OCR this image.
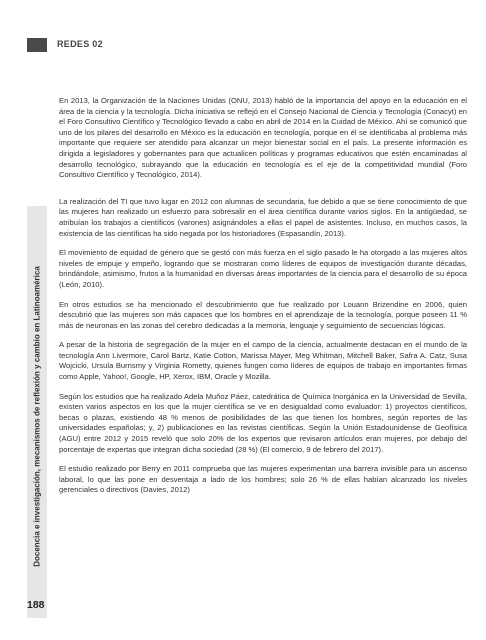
REDES 02
Docencia e investigación, mecanismos de reflexión y cambio en Latinoamérica
188

En 2013, la Organización de la Naciones Unidas (ONU, 2013) habló de la importancia del apoyo en la educación en el área de la ciencia y la tecnología. Dicha iniciativa se reflejó en el Consejo Nacional de Ciencia y Tecnología (Conacyt) en el Foro Consultivo Científico y Tecnológico llevado a cabo en abril de 2014 en la Cuidad de México. Ahí se comunicó que uno de los pilares del desarrollo en México es la educación en tecnología, porque en él se identificaba al problema más importante que requiere ser atendido para alcanzar un mejor bienestar social en el país. La presente información es dirigida a legisladores y gobernantes para que actualicen políticas y programas educativos que estén encaminadas al desarrollo tecnológico, subrayando que la educación en tecnología es el eje de la competitividad mundial (Foro Consultivo Científico y Tecnológico, 2014).

La realización del TI que tuvo lugar en 2012 con alumnas de secundaria, fue debido a que se tiene conocimiento de que las mujeres han realizado un esfuerzo para sobresalir en el área científica durante varios siglos. En la antigüedad, se atribuían los trabajos a científicos (varones) asignándoles a ellas el papel de asistentes. Incluso, en muchos casos, la existencia de las científicas ha sido negada por los historiadores (Espasandín, 2013).

El movimiento de equidad de género que se gestó con más fuerza en el siglo pasado le ha otorgado a las mujeres altos niveles de empuje y empeño, logrando que se mostraran como líderes de equipos de investigación durante décadas, brindándole, asimismo, frutos a la humanidad en diversas áreas importantes de la ciencia para el desarrollo de su época (León, 2010).

En otros estudios se ha mencionado el descubrimiento que fue realizado por Louann Brizendine en 2006, quien descubrió que las mujeres son más capaces que los hombres en el aprendizaje de la tecnología, porque poseen 11 % más de neuronas en las zonas del cerebro dedicadas a la memoria, lenguaje y seguimiento de secuencias lógicas.

A pesar de la historia de segregación de la mujer en el campo de la ciencia, actualmente destacan en el mundo de la tecnología Ann Livermore, Carol Bartz, Katie Cotton, Marissa Mayer, Meg Whitman, Mitchell Baker, Safra A. Catz, Susa Wojcicki, Ursula Burnsmy y Virginia Rometty, quienes fungen como líderes de equipos de trabajo en importantes firmas como Apple, Yahoo!, Google, HP, Xerox, IBM, Oracle y Mozilla.

Según los estudios que ha realizado Adela Muñoz Páez, catedrática de Química Inorgánica en la Universidad de Sevilla, existen varios aspectos en los que la mujer científica se ve en desigualdad como evaluador: 1) proyectos científicos, becas o plazas, existiendo 48 % menos de posibilidades de las que tienen los hombres, según reportes de las universidades españolas; y, 2) publicaciones en las revistas científicas. Según la Unión Estadounidense de Geofísica (AGU) entre 2012 y 2015 reveló que solo 20% de los expertos que revisaron artículos eran mujeres, por debajo del porcentaje de expertas que integran dicha sociedad (28 %) (El comercio, 9 de febrero del 2017).

El estudio realizado por Berry en 2011 comprueba que las mujeres experimentan una barrera invisible para un ascenso laboral, lo que las pone en desventaja a lado de los hombres; solo 26 % de ellas habían alcanzado los niveles gerenciales o directivos (Davies, 2012)
